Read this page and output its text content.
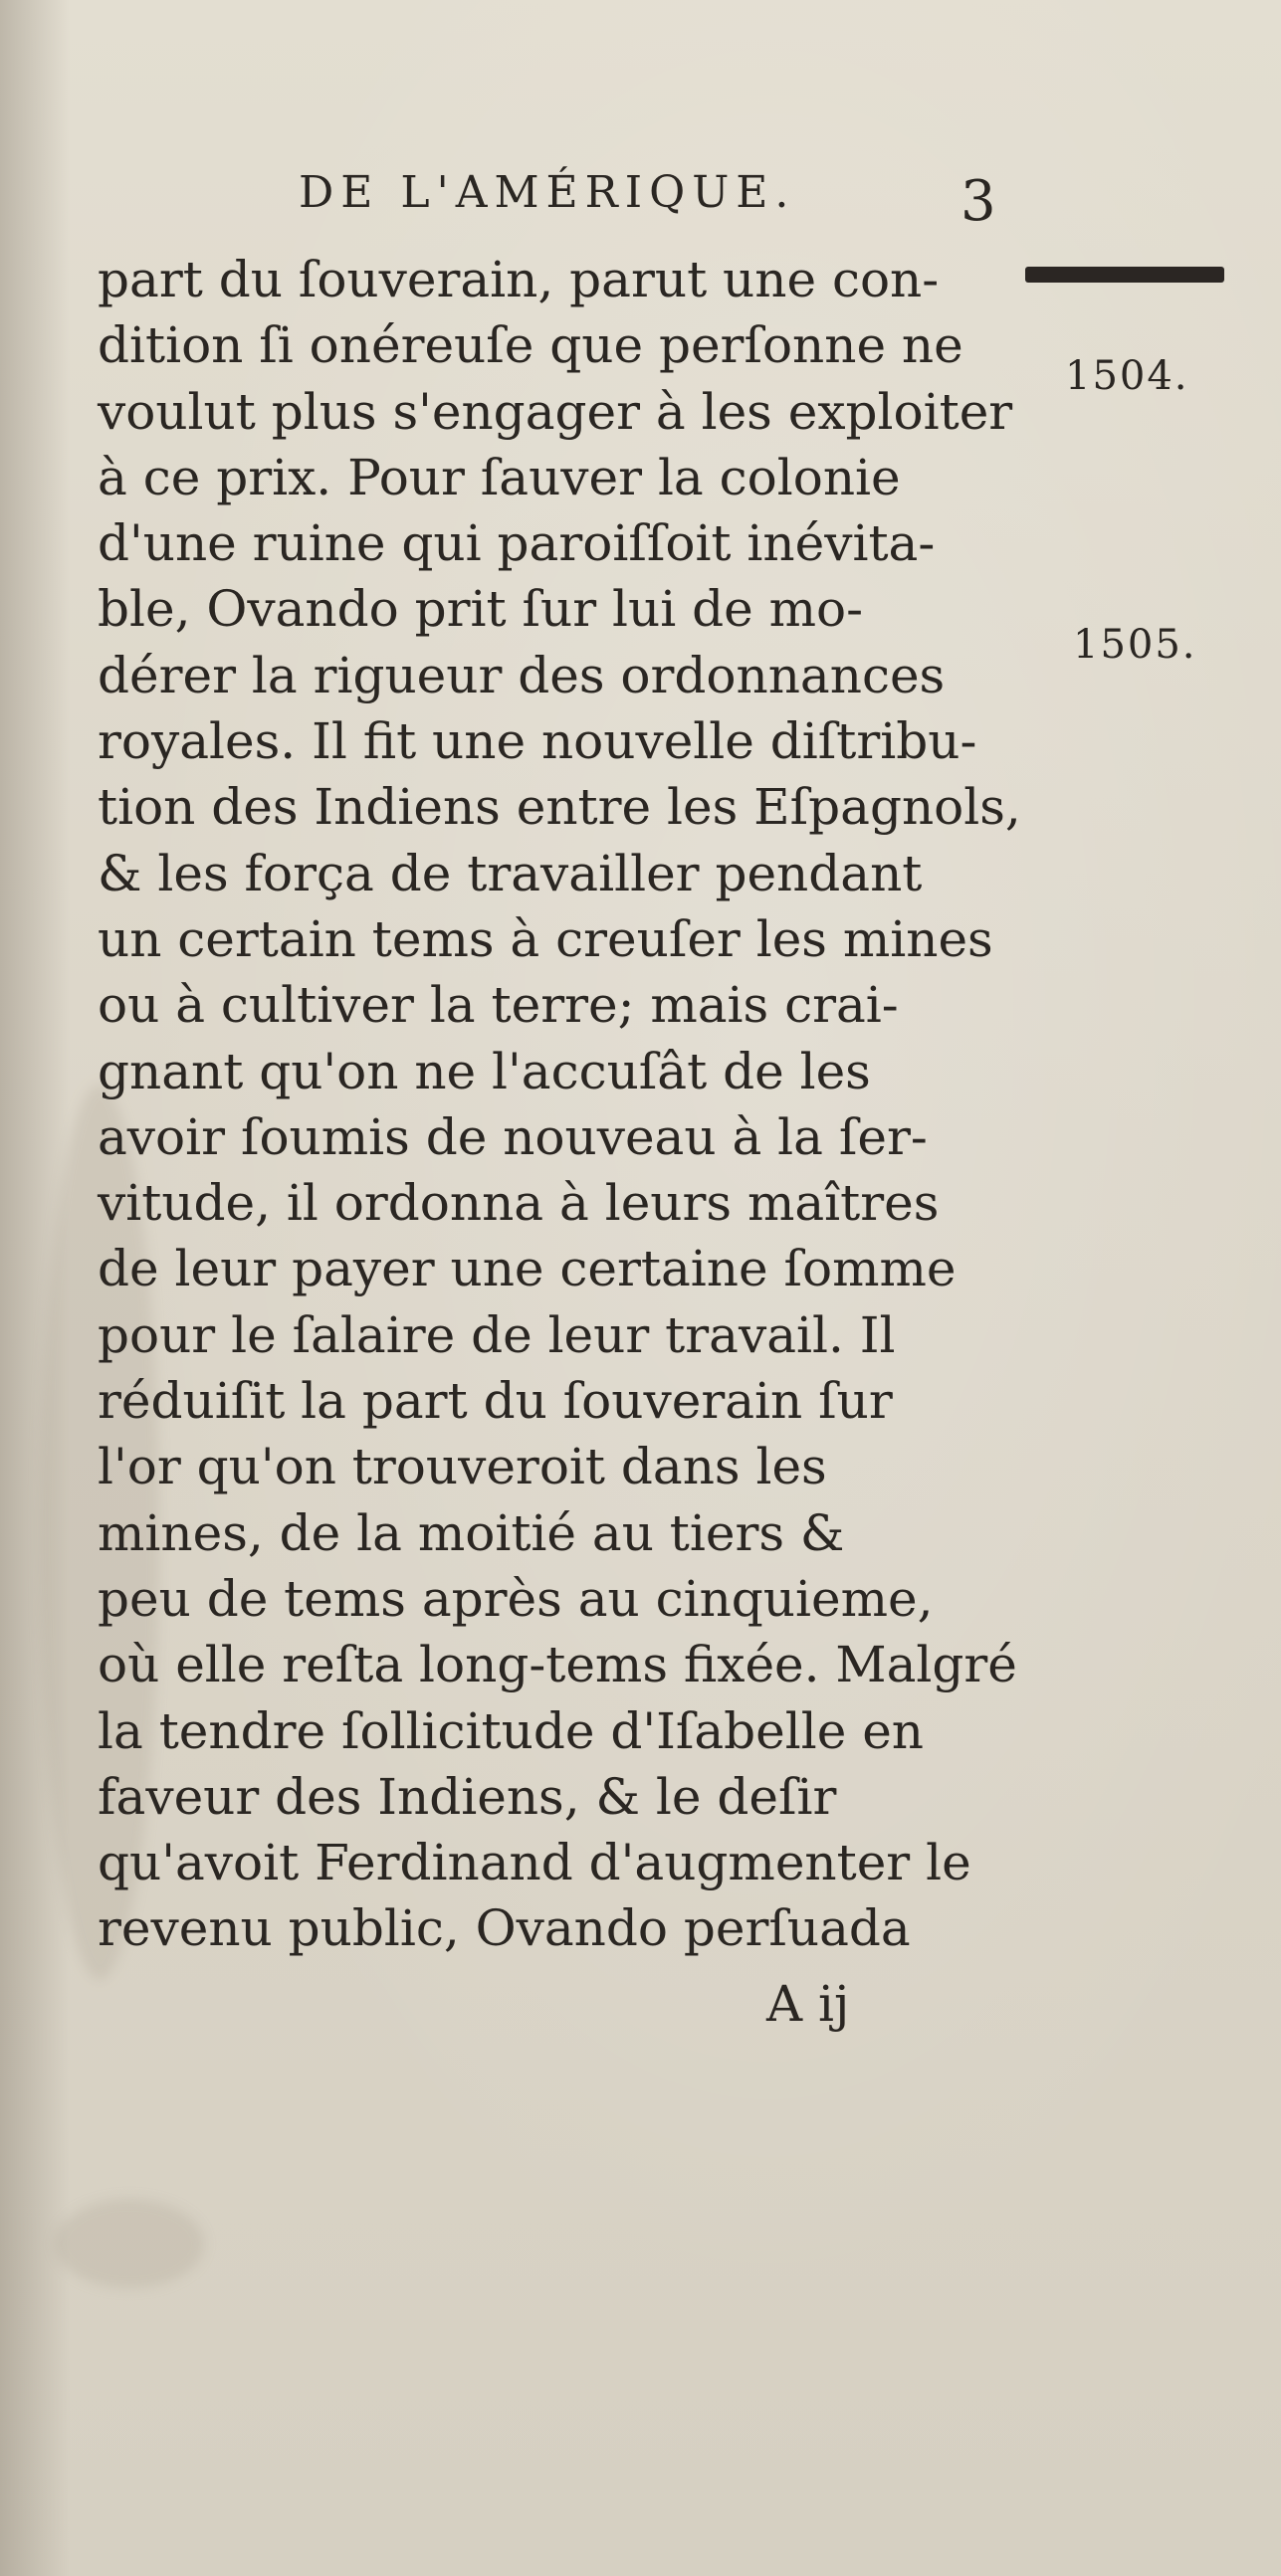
DE L'AMÉRIQUE.	3
1504.
1505.
part du ſouverain, parut une con-
dition ſi onéreuſe que perſonne ne
voulut plus s'engager à les exploiter
à ce prix. Pour ſauver la colonie
d'une ruine qui paroiſſoit inévita-
ble, Ovando prit ſur lui de mo-
dérer la rigueur des ordonnances
royales. Il fit une nouvelle diſtribu-
tion des Indiens entre les Eſpagnols,
& les força de travailler pendant
un certain tems à creuſer les mines
ou à cultiver la terre; mais crai-
gnant qu'on ne l'accuſât de les
avoir ſoumis de nouveau à la ſer-
vitude, il ordonna à leurs maîtres
de leur payer une certaine ſomme
pour le ſalaire de leur travail. Il
réduiſit la part du ſouverain ſur
l'or qu'on trouveroit dans les
mines, de la moitié au tiers &
peu de tems après au cinquieme,
où elle reſta long-tems fixée. Malgré
la tendre ſollicitude d'Iſabelle en
faveur des Indiens, & le deſir
qu'avoit Ferdinand d'augmenter le
revenu public, Ovando perſuada
A ij
